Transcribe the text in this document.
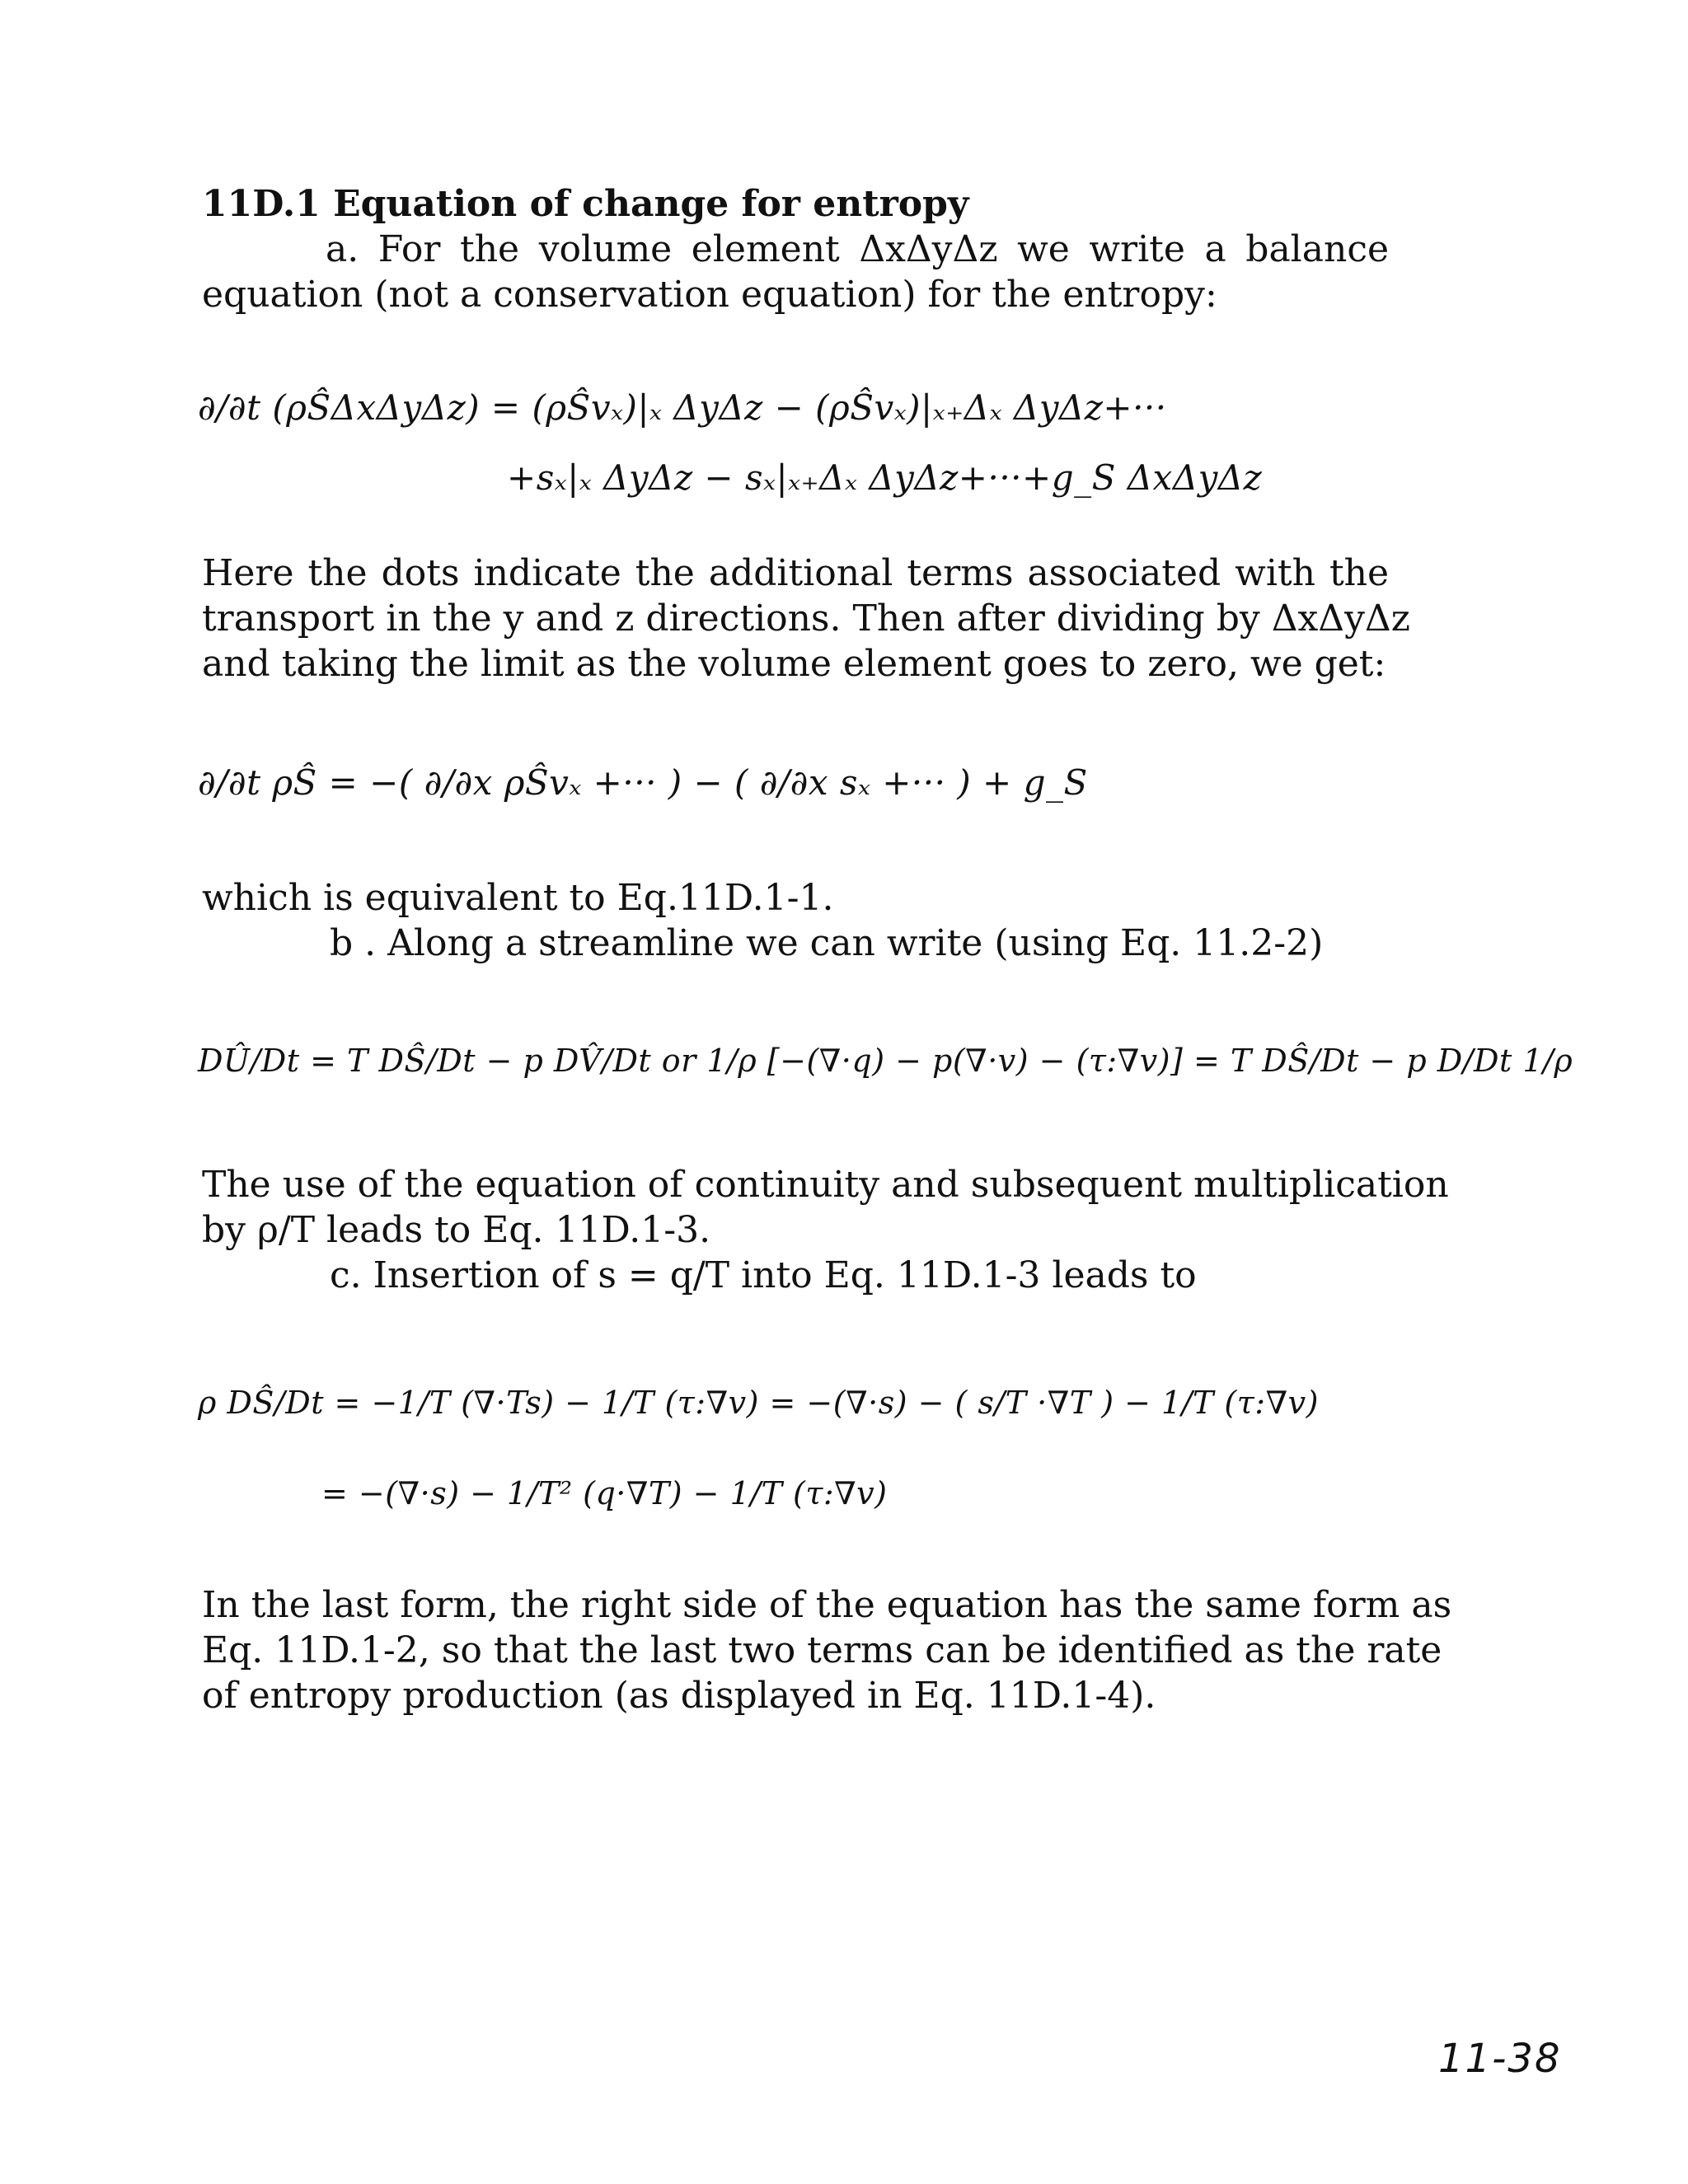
11D.1 Equation of change for entropy
a. For the volume element ΔxΔyΔz we write a balance
equation (not a conservation equation) for the entropy:
∂/∂t (ρŜΔxΔyΔz) = (ρŜvₓ)|ₓ ΔyΔz − (ρŜvₓ)|ₓ₊Δₓ ΔyΔz+···
+sₓ|ₓ ΔyΔz − sₓ|ₓ₊Δₓ ΔyΔz+···+g_S ΔxΔyΔz
Here the dots indicate the additional terms associated with the
transport in the y and z directions. Then after dividing by ΔxΔyΔz
and taking the limit as the volume element goes to zero, we get:
∂/∂t ρŜ = −( ∂/∂x ρŜvₓ +··· ) − ( ∂/∂x sₓ +··· ) + g_S
which is equivalent to Eq.11D.1-1.
b . Along a streamline we can write (using Eq. 11.2-2)
DÛ/Dt = T DŜ/Dt − p DV̂/Dt or 1/ρ [−(∇·q) − p(∇·v) − (τ:∇v)] = T DŜ/Dt − p D/Dt 1/ρ
The use of the equation of continuity and subsequent multiplication
by ρ/T leads to Eq. 11D.1-3.
c. Insertion of s = q/T into Eq. 11D.1-3 leads to
ρ DŜ/Dt = −1/T (∇·Ts) − 1/T (τ:∇v) = −(∇·s) − ( s/T ·∇T ) − 1/T (τ:∇v)
= −(∇·s) − 1/T² (q·∇T) − 1/T (τ:∇v)
In the last form, the right side of the equation has the same form as
Eq. 11D.1-2, so that the last two terms can be identified as the rate
of entropy production (as displayed in Eq. 11D.1-4).
11-38
